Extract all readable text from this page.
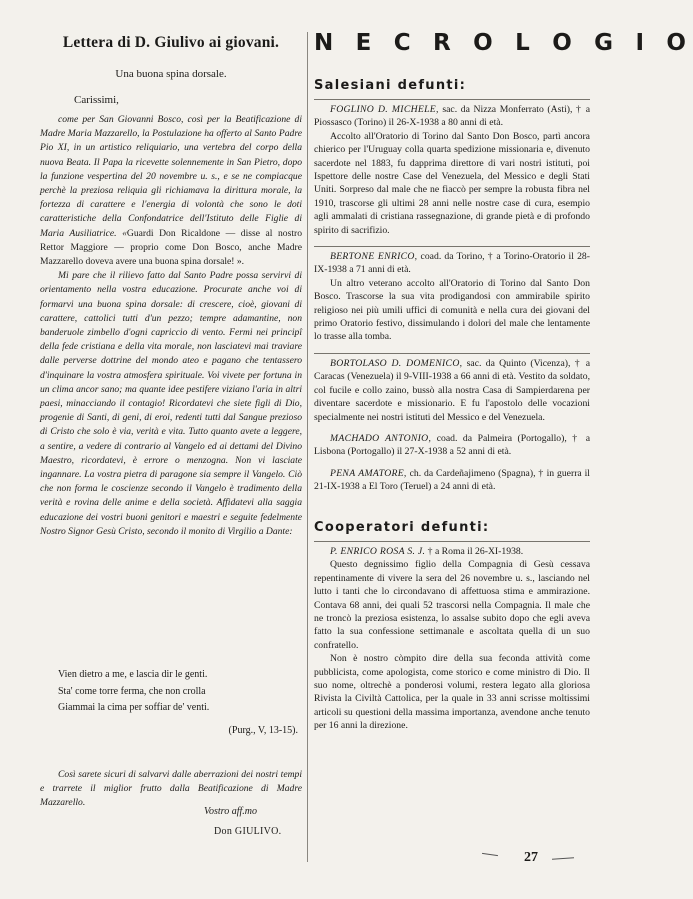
Lettera di D. Giulivo ai giovani.
Una buona spina dorsale.
Carissimi,

come per San Giovanni Bosco, così per la Beatificazione di Madre Maria Mazzarello, la Postulazione ha offerto al Santo Padre Pio XI, in un artistico reliquiario, una vertebra del corpo della nuova Beata. Il Papa la ricevette solennemente in San Pietro, dopo la funzione vespertina del 20 novembre u. s., e se ne compiacque perchè la preziosa reliquia gli richiamava la dirittura morale, la fortezza di carattere e l'energia di volontà che sono le doti caratteristiche della Confondatrice dell'Istituto delle Figlie di Maria Ausiliatrice. «Guardi Don Ricaldone — disse al nostro Rettor Maggiore — proprio come Don Bosco, anche Madre Mazzarello doveva avere una buona spina dorsale! ».

Mi pare che il rilievo fatto dal Santo Padre possa servirvi di orientamento nella vostra educazione. Procurate anche voi di formarvi una buona spina dorsale: di crescere, cioè, giovani di carattere, cattolici tutti d'un pezzo; tempre adamantine, non banderuole zimbello d'ogni capriccio di vento. Fermi nei principî della fede cristiana e della vita morale, non lasciatevi mai traviare dalle perverse dottrine del mondo ateo e pagano che tentassero d'inquinare la vostra atmosfera spirituale. Voi vivete per fortuna in un clima ancor sano; ma quante idee pestifere viziano l'aria in altri paesi, minacciando il contagio! Ricordatevi che siete figli di Dio, progenie di Santi, di geni, di eroi, redenti tutti dal Sangue prezioso di Cristo che solo è via, verità e vita. Tutto quanto avete a leggere, a sentire, a vedere di contrario al Vangelo ed ai dettami del Divino Maestro, ricordatevi, è errore o menzogna. Non vi lasciate ingannare. La vostra pietra di paragone sia sempre il Vangelo. Ciò che non forma le coscienze secondo il Vangelo è tradimento della verità e rovina delle anime e della società. Affidatevi alla saggia educazione dei vostri buoni genitori e maestri e seguite fedelmente Nostro Signor Gesù Cristo, secondo il monito di Virgilio a Dante:

Vien dietro a me, e lascia dir le genti.
Sta' come torre ferma, che non crolla
Giammai la cima per soffiar de' venti.
(Purg., V, 13-15).

Così sarete sicuri di salvarvi dalle aberrazioni dei nostri tempi e trarrete il miglior frutto dalla Beatificazione di Madre Mazzarello.

Vostro aff.mo
Don GIULIVO.
N E C R O L O G I O
Salesiani defunti:

FOGLINO D. MICHELE, sac. da Nizza Monferrato (Asti), † a Piossasco (Torino) il 26-X-1938 a 80 anni di età.

Accolto all'Oratorio di Torino dal Santo Don Bosco, partì ancora chierico per l'Uruguay colla quarta spedizione missionaria e, divenuto sacerdote nel 1883, fu dapprima direttore di vari nostri istituti, poi Ispettore delle nostre Case del Venezuela, del Messico e degli Stati Uniti. Sorpreso dal male che ne fiaccò per sempre la robusta fibra nel 1910, trascorse gli ultimi 28 anni nelle nostre case di cura, esempio agli ammalati di cristiana rassegnazione, di grande pietà e di profondo spirito di sacrifizio.

BERTONE ENRICO, coad. da Torino, † a Torino-Oratorio il 28-IX-1938 a 71 anni di età.

Un altro veterano accolto all'Oratorio di Torino dal Santo Don Bosco. Trascorse la sua vita prodigandosi con ammirabile spirito religioso nei più umili uffici di comunità e nella cura dei giovani del primo Oratorio festivo, dissimulando i dolori del male che lentamente lo trasse alla tomba.

BORTOLASO D. DOMENICO, sac. da Quinto (Vicenza), † a Caracas (Venezuela) il 9-VIII-1938 a 66 anni di età. Vestito da soldato, col fucile e collo zaino, bussò alla nostra Casa di Sampierdarena per diventare sacerdote e missionario. E fu l'apostolo delle vocazioni specialmente nei nostri istituti del Messico e del Venezuela.

MACHADO ANTONIO, coad. da Palmeira (Portogallo), † a Lisbona (Portogallo) il 27-X-1938 a 52 anni di età.

PENA AMATORE, ch. da Cardeñajimeno (Spagna), † in guerra il 21-IX-1938 a El Toro (Teruel) a 24 anni di età.

Cooperatori defunti:

P. ENRICO ROSA S. J. † a Roma il 26-XI-1938.

Questo degnissimo figlio della Compagnia di Gesù cessava repentinamente di vivere la sera del 26 novembre u. s., lasciando nel lutto i tanti che lo circondavano di affettuosa stima e ammirazione. Contava 68 anni, dei quali 52 trascorsi nella Compagnia. Il male che ne troncò la preziosa esistenza, lo assalse subito dopo che egli aveva fatto la sua confessione settimanale e ascoltata quella di un suo confratello.

Non è nostro còmpito dire della sua feconda attività come pubblicista, come apologista, come storico e come ministro di Dio. Il suo nome, oltrechè a ponderosi volumi, restera legato alla gloriosa Rivista la Civiltà Cattolica, per la quale in 33 anni scrisse moltissimi articoli su questioni della massima importanza, avendone anche tenuto per 16 anni la direzione.

27
